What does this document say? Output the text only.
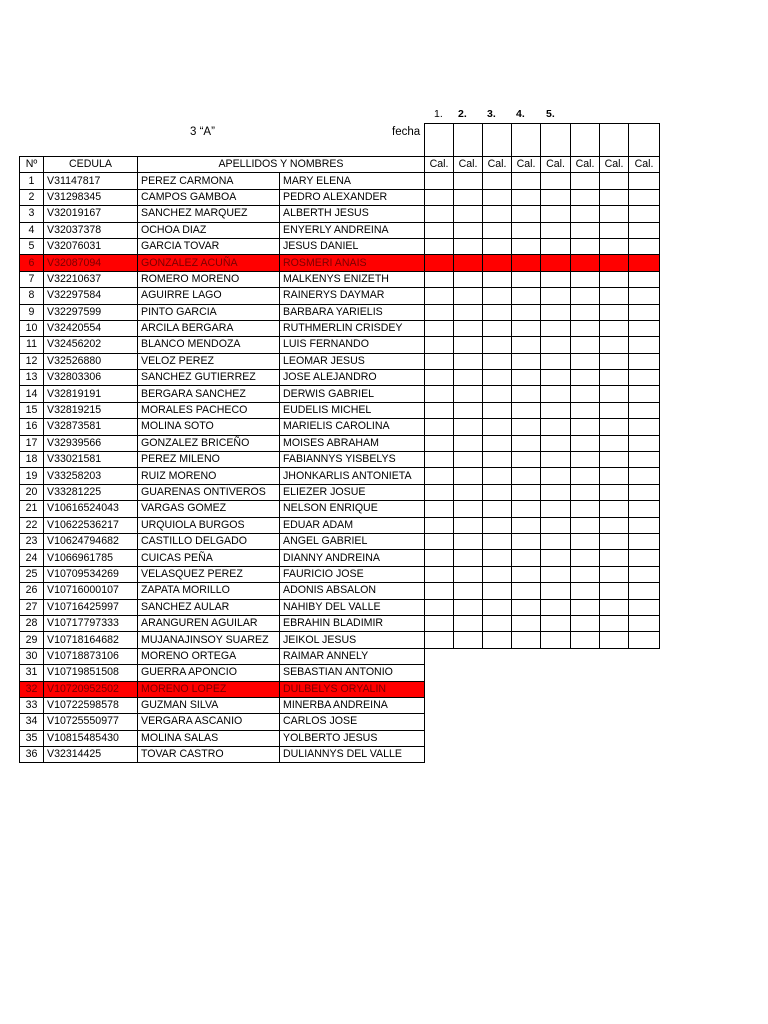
1. 2. 3. 4. 5.
3 “A”	fecha

Nº	CEDULA	APELLIDOS Y NOMBRES		Cal.	Cal.	Cal.	Cal.	Cal.	Cal.	Cal.	Cal.
1	V31147817	PEREZ CARMONA	MARY ELENA								
2	V31298345	CAMPOS GAMBOA	PEDRO ALEXANDER								
3	V32019167	SANCHEZ MARQUEZ	ALBERTH JESUS								
4	V32037378	OCHOA DIAZ	ENYERLY ANDREINA								
5	V32076031	GARCIA TOVAR	JESUS DANIEL								
6	V32087094	GONZALEZ ACUÑA	ROSMERI ANAIS								
7	V32210637	ROMERO MORENO	MALKENYS ENIZETH								
8	V32297584	AGUIRRE LAGO	RAINERYS DAYMAR								
9	V32297599	PINTO GARCIA	BARBARA YARIELIS								
10	V32420554	ARCILA BERGARA	RUTHMERLIN CRISDEY								
11	V32456202	BLANCO MENDOZA	LUIS FERNANDO								
12	V32526880	VELOZ PEREZ	LEOMAR JESUS								
13	V32803306	SANCHEZ GUTIERREZ	JOSE ALEJANDRO								
14	V32819191	BERGARA SANCHEZ	DERWIS GABRIEL								
15	V32819215	MORALES PACHECO	EUDELIS MICHEL								
16	V32873581	MOLINA SOTO	MARIELIS CAROLINA								
17	V32939566	GONZALEZ BRICEÑO	MOISES ABRAHAM								
18	V33021581	PEREZ MILENO	FABIANNYS YISBELYS								
19	V33258203	RUIZ MORENO	JHONKARLIS ANTONIETA								
20	V33281225	GUARENAS ONTIVEROS	ELIEZER JOSUE								
21	V10616524043	VARGAS GOMEZ	NELSON ENRIQUE								
22	V10622536217	URQUIOLA BURGOS	EDUAR ADAM								
23	V10624794682	CASTILLO DELGADO	ANGEL GABRIEL								
24	V1066961785	CUICAS PEÑA	DIANNY ANDREINA								
25	V10709534269	VELASQUEZ PEREZ	FAURICIO JOSE								
26	V10716000107	ZAPATA MORILLO	ADONIS ABSALON								
27	V10716425997	SANCHEZ AULAR	NAHIBY DEL VALLE								
28	V10717797333	ARANGUREN AGUILAR	EBRAHIN BLADIMIR								
29	V10718164682	MUJANAJINSOY SUAREZ	JEIKOL JESUS								
30	V10718873106	MORENO ORTEGA	RAIMAR ANNELY								
31	V10719851508	GUERRA APONCIO	SEBASTIAN ANTONIO								
32	V10720952502	MORENO LOPEZ	DULBELYS ORYALIN								
33	V10722598578	GUZMAN SILVA	MINERBA ANDREINA								
34	V10725550977	VERGARA ASCANIO	CARLOS JOSE								
35	V10815485430	MOLINA SALAS	YOLBERTO JESUS								
36	V32314425	TOVAR CASTRO	DULIANNYS DEL VALLE								
